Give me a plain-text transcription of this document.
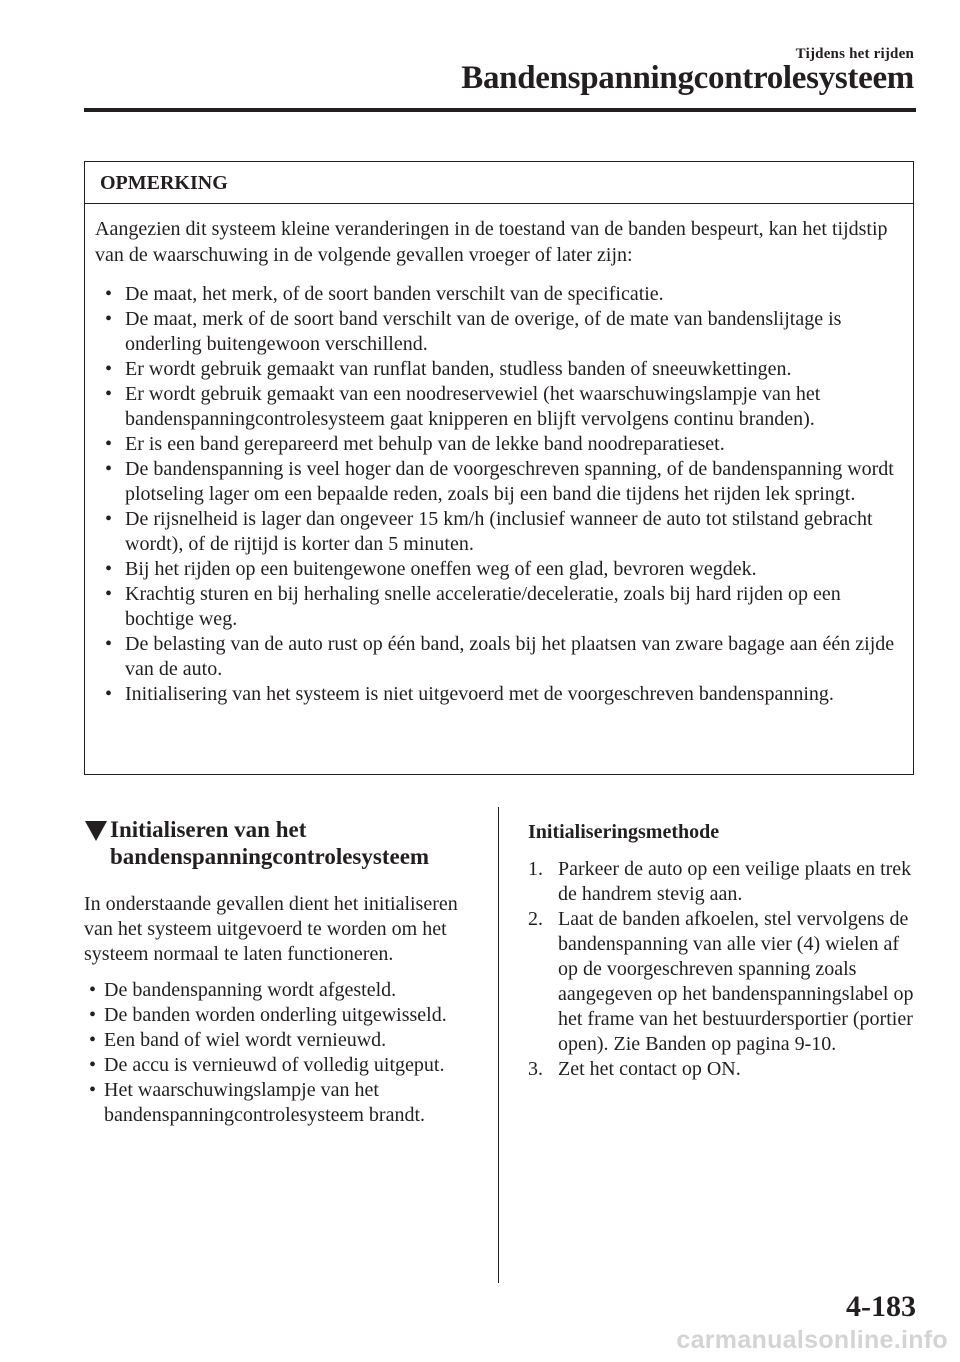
Tijdens het rijden
Bandenspanningcontrolesysteem
OPMERKING
Aangezien dit systeem kleine veranderingen in de toestand van de banden bespeurt, kan het tijdstip van de waarschuwing in de volgende gevallen vroeger of later zijn:
• De maat, het merk, of de soort banden verschilt van de specificatie.
• De maat, merk of de soort band verschilt van de overige, of de mate van bandenslijtage is onderling buitengewoon verschillend.
• Er wordt gebruik gemaakt van runflat banden, studless banden of sneeuwkettingen.
• Er wordt gebruik gemaakt van een noodreservewiel (het waarschuwingslampje van het bandenspanningcontrolesysteem gaat knipperen en blijft vervolgens continu branden).
• Er is een band gerepareerd met behulp van de lekke band noodreparatieset.
• De bandenspanning is veel hoger dan de voorgeschreven spanning, of de bandenspanning wordt plotseling lager om een bepaalde reden, zoals bij een band die tijdens het rijden lek springt.
• De rijsnelheid is lager dan ongeveer 15 km/h (inclusief wanneer de auto tot stilstand gebracht wordt), of de rijtijd is korter dan 5 minuten.
• Bij het rijden op een buitengewone oneffen weg of een glad, bevroren wegdek.
• Krachtig sturen en bij herhaling snelle acceleratie/deceleratie, zoals bij hard rijden op een bochtige weg.
• De belasting van de auto rust op één band, zoals bij het plaatsen van zware bagage aan één zijde van de auto.
• Initialisering van het systeem is niet uitgevoerd met de voorgeschreven bandenspanning.
Initialiseren van het
bandenspanningcontrolesysteem
In onderstaande gevallen dient het initialiseren van het systeem uitgevoerd te worden om het systeem normaal te laten functioneren.
• De bandenspanning wordt afgesteld.
• De banden worden onderling uitgewisseld.
• Een band of wiel wordt vernieuwd.
• De accu is vernieuwd of volledig uitgeput.
• Het waarschuwingslampje van het bandenspanningcontrolesysteem brandt.
Initialiseringsmethode
1. Parkeer de auto op een veilige plaats en trek de handrem stevig aan.
2. Laat de banden afkoelen, stel vervolgens de bandenspanning van alle vier (4) wielen af op de voorgeschreven spanning zoals aangegeven op het bandenspanningslabel op het frame van het bestuurdersportier (portier open). Zie Banden op pagina 9-10.
3. Zet het contact op ON.
4-183
carmanualsonline.info
